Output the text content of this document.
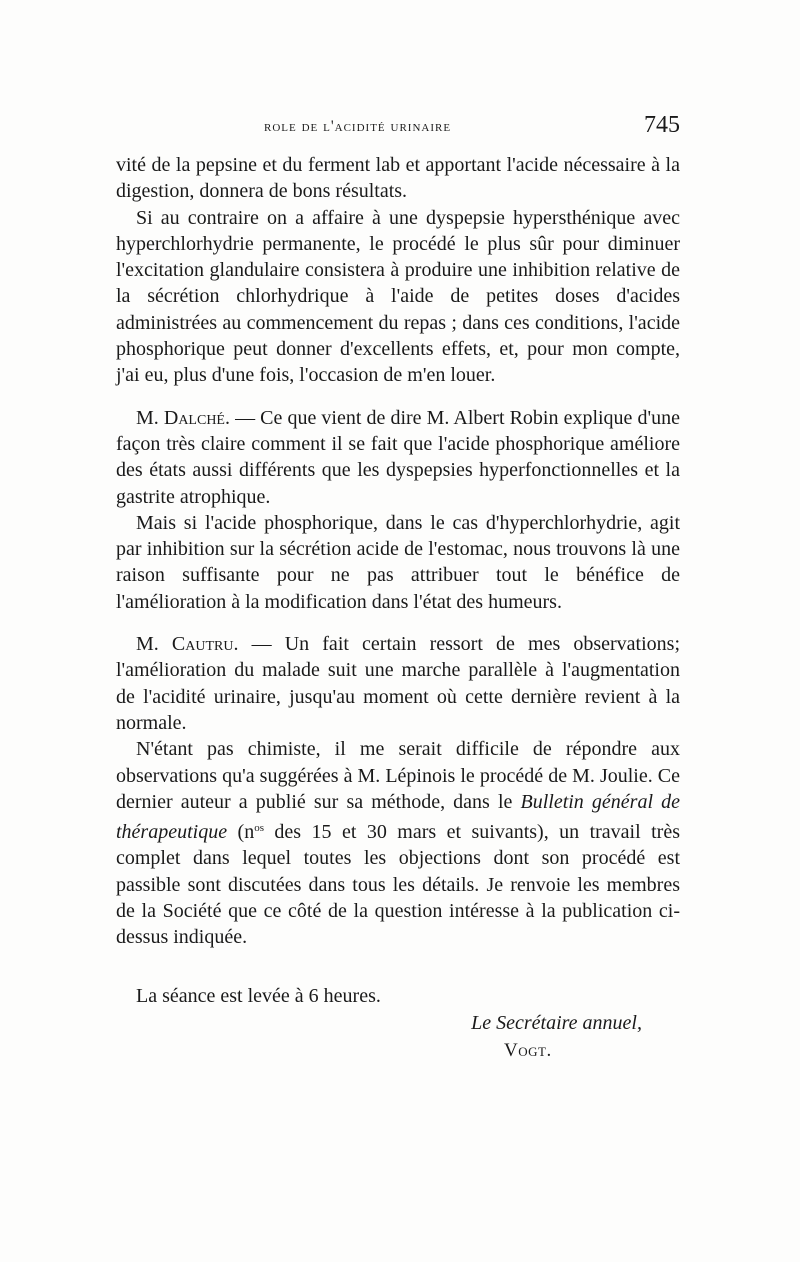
role de l'acidité urinaire	745

vité de la pepsine et du ferment lab et apportant l'acide nécessaire à la digestion, donnera de bons résultats.

Si au contraire on a affaire à une dyspepsie hypersthénique avec hyperchlorhydrie permanente, le procédé le plus sûr pour diminuer l'excitation glandulaire consistera à produire une inhibition relative de la sécrétion chlorhydrique à l'aide de petites doses d'acides administrées au commencement du repas ; dans ces conditions, l'acide phosphorique peut donner d'excellents effets, et, pour mon compte, j'ai eu, plus d'une fois, l'occasion de m'en louer.

M. Dalché. — Ce que vient de dire M. Albert Robin explique d'une façon très claire comment il se fait que l'acide phosphorique améliore des états aussi différents que les dyspepsies hyperfonctionnelles et la gastrite atrophique.

Mais si l'acide phosphorique, dans le cas d'hyperchlorhydrie, agit par inhibition sur la sécrétion acide de l'estomac, nous trouvons là une raison suffisante pour ne pas attribuer tout le bénéfice de l'amélioration à la modification dans l'état des humeurs.

M. Cautru. — Un fait certain ressort de mes observations; l'amélioration du malade suit une marche parallèle à l'augmentation de l'acidité urinaire, jusqu'au moment où cette dernière revient à la normale.

N'étant pas chimiste, il me serait difficile de répondre aux observations qu'a suggérées à M. Lépinois le procédé de M. Joulie. Ce dernier auteur a publié sur sa méthode, dans le Bulletin général de thérapeutique ($n^{os}$ des 15 et 30 mars et suivants), un travail très complet dans lequel toutes les objections dont son procédé est passible sont discutées dans tous les détails. Je renvoie les membres de la Société que ce côté de la question intéresse à la publication ci-dessus indiquée.

La séance est levée à 6 heures.
Le Secrétaire annuel,
Vogt.
